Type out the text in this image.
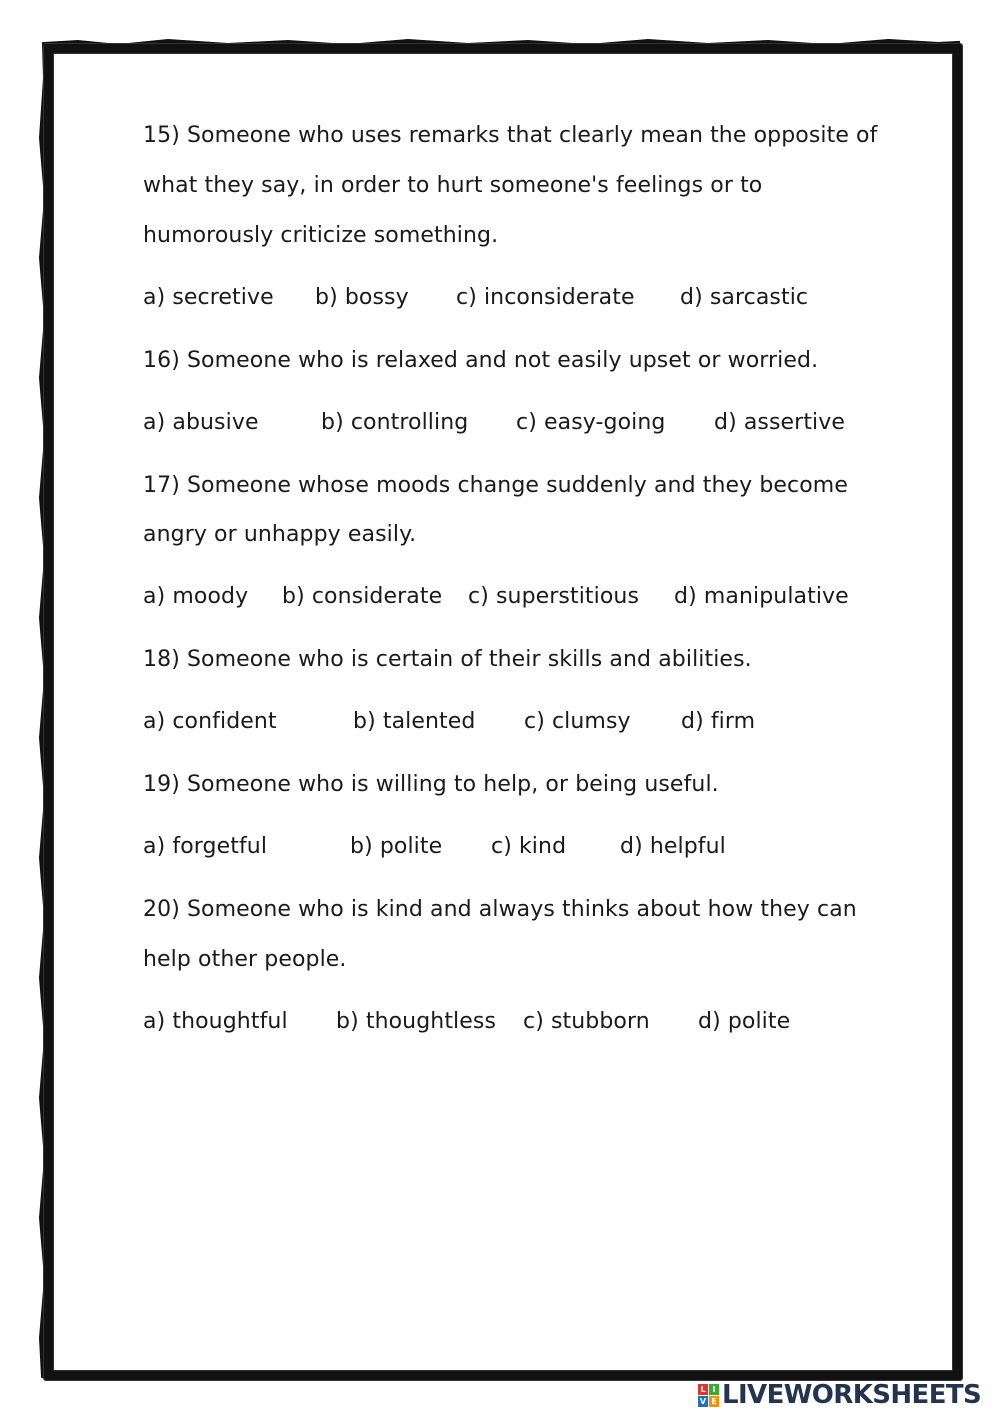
15) Someone who uses remarks that clearly mean the opposite of
what they say, in order to hurt someone's feelings or to
humorously criticize something.
a) secretive b) bossy c) inconsiderate d) sarcastic
16) Someone who is relaxed and not easily upset or worried.
a) abusive	b) controlling c) easy-going d) assertive
17) Someone whose moods change suddenly and they become
angry or unhappy easily.
a) moody b) considerate c) superstitious d) manipulative
18) Someone who is certain of their skills and abilities.
a) confident	b) talented c) clumsy d) firm
19) Someone who is willing to help, or being useful.
a) forgetful	b) polite c) kind d) helpful
20) Someone who is kind and always thinks about how they can
help other people.
a) thoughtful b) thoughtless c) stubborn d) polite
L I
V E LIVEWORKSHEETS
